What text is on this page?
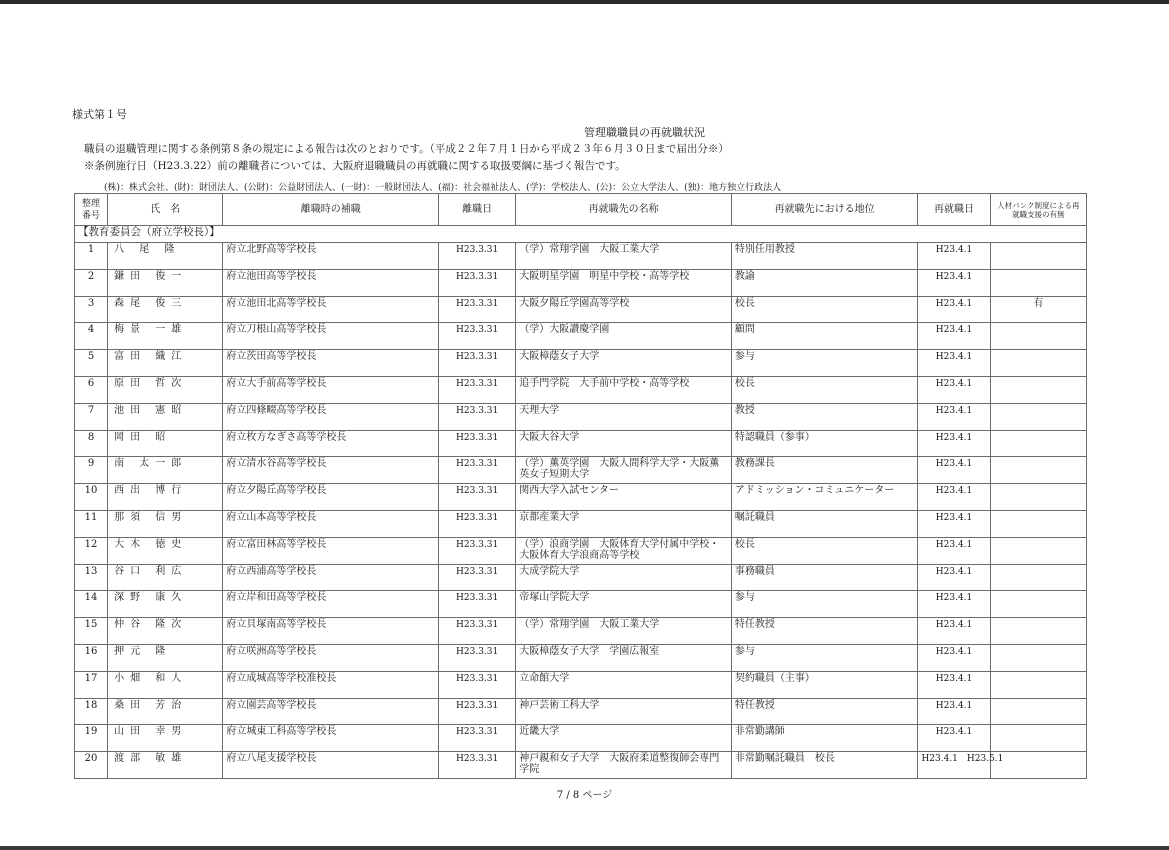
様式第１号
管理職職員の再就職状況
職員の退職管理に関する条例第８条の規定による報告は次のとおりです。（平成２２年７月１日から平成２３年６月３０日まで届出分※）
※条例施行日（H23.3.22）前の離職者については、大阪府退職職員の再就職に関する取扱要綱に基づく報告です。
(株)：株式会社、(財)：財団法人、(公財)：公益財団法人、(一財)：一般財団法人、(福)：社会福祉法人、(学)：学校法人、(公)：公立大学法人、(独)：地方独立行政法人
整理番号	氏　名	離職時の補職	離職日	再就職先の名称	再就職先における地位	再就職日	人材バンク制度による再就職支援の有無
【教育委員会（府立学校長）】							
1	八 尾 隆	府立北野高等学校長	H23.3.31	（学）常翔学園　大阪工業大学	特別任用教授	H23.4.1	
2	鎌田 俊一	府立池田高等学校長	H23.3.31	大阪明星学園　明星中学校・高等学校	教諭	H23.4.1	
3	森尾 俊三	府立池田北高等学校長	H23.3.31	大阪夕陽丘学園高等学校	校長	H23.4.1	有
4	梅景 一雄	府立刀根山高等学校長	H23.3.31	（学）大阪讃慶学園	顧問	H23.4.1	
5	富田 織江	府立茨田高等学校長	H23.3.31	大阪樟蔭女子大学	参与	H23.4.1	
6	原田 哲次	府立大手前高等学校長	H23.3.31	追手門学院　大手前中学校・高等学校	校長	H23.4.1	
7	池田 憲昭	府立四條畷高等学校長	H23.3.31	天理大学	教授	H23.4.1	
8	岡田 昭	府立枚方なぎさ高等学校長	H23.3.31	大阪大谷大学	特認職員（参事）	H23.4.1	
9	南 太一郎	府立清水谷高等学校長	H23.3.31	（学）薫英学園　大阪人間科学大学・大阪薫英女子短期大学	教務課長	H23.4.1	
10	西出 博行	府立夕陽丘高等学校長	H23.3.31	関西大学入試センター	アドミッション・コミュニケーター	H23.4.1	
11	那須 信男	府立山本高等学校長	H23.3.31	京都産業大学	嘱託職員	H23.4.1	
12	大木 徳史	府立富田林高等学校長	H23.3.31	（学）浪商学園　大阪体育大学付属中学校・大阪体育大学浪商高等学校	校長	H23.4.1	
13	谷口 利広	府立西浦高等学校長	H23.3.31	大成学院大学	事務職員	H23.4.1	
14	深野 康久	府立岸和田高等学校長	H23.3.31	帝塚山学院大学	参与	H23.4.1	
15	仲谷 隆次	府立貝塚南高等学校長	H23.3.31	（学）常翔学園　大阪工業大学	特任教授	H23.4.1	
16	押元 隆	府立咲洲高等学校長	H23.3.31	大阪樟蔭女子大学　学園広報室	参与	H23.4.1	
17	小畑 和人	府立成城高等学校准校長	H23.3.31	立命館大学	契約職員（主事）	H23.4.1	
18	桑田 芳治	府立園芸高等学校長	H23.3.31	神戸芸術工科大学	特任教授	H23.4.1	
19	山田 幸男	府立城東工科高等学校長	H23.3.31	近畿大学	非常勤講師	H23.4.1	
20	渡部 敏雄	府立八尾支援学校長	H23.3.31	神戸親和女子大学　大阪府柔道整復師会専門学院	非常勤嘱託職員　校長	H23.4.1　H23.5.1	
7 / 8 ページ
